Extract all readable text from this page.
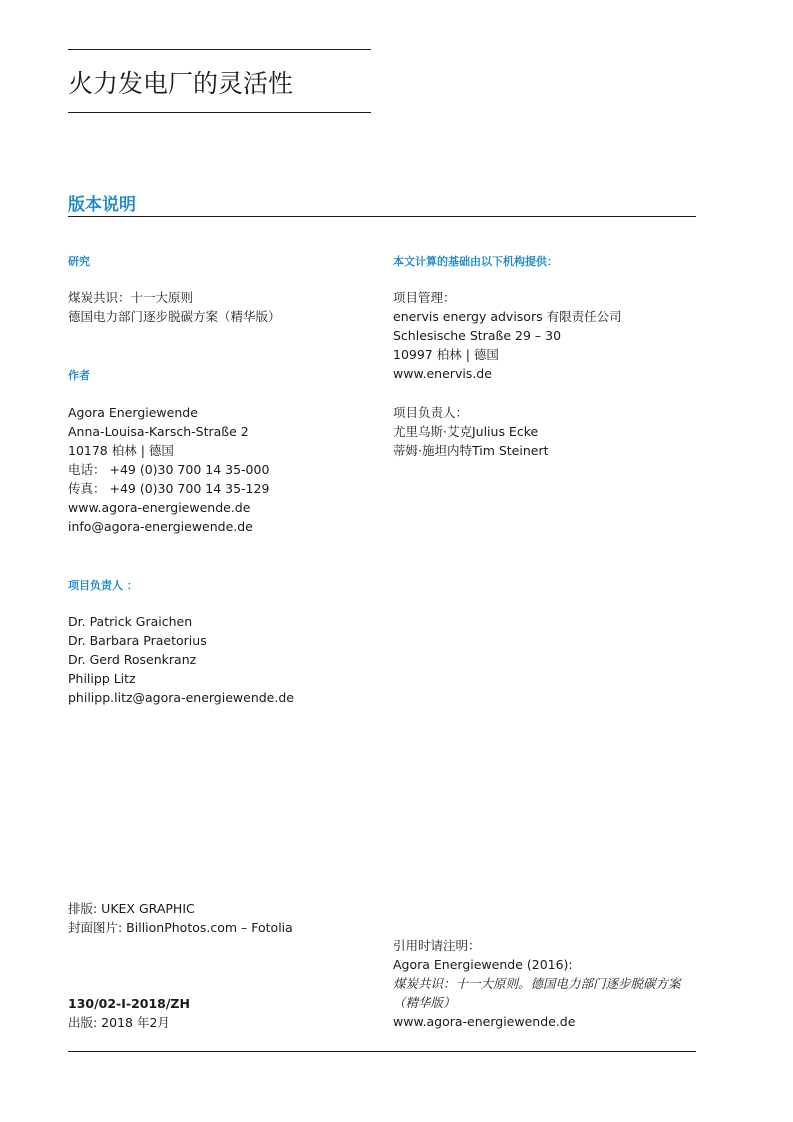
火力发电厂的灵活性
版本说明
研究
煤炭共识：十一大原则
德国电力部门逐步脱碳方案（精华版）
作者
Agora Energiewende
Anna-Louisa-Karsch-Straße 2
10178 柏林 | 德国
电话： +49 (0)30 700 14 35-000
传真： +49 (0)30 700 14 35-129
www.agora-energiewende.de
info@agora-energiewende.de
项目负责人 ：
Dr. Patrick Graichen
Dr. Barbara Praetorius
Dr. Gerd Rosenkranz
Philipp Litz
philipp.litz@agora-energiewende.de
排版: UKEX GRAPHIC
封面图片: BillionPhotos.com – Fotolia
130/02-I-2018/ZH
出版: 2018 年2月
本文计算的基础由以下机构提供：
项目管理：
enervis energy advisors 有限责任公司
Schlesische Straße 29 – 30
10997 柏林 | 德国
www.enervis.de
项目负责人：
尤里乌斯·艾克Julius Ecke
蒂姆·施坦内特Tim Steinert
引用时请注明：
Agora Energiewende (2016):
煤炭共识：十一大原则。德国电力部门逐步脱碳方案
（精华版）
www.agora-energiewende.de
